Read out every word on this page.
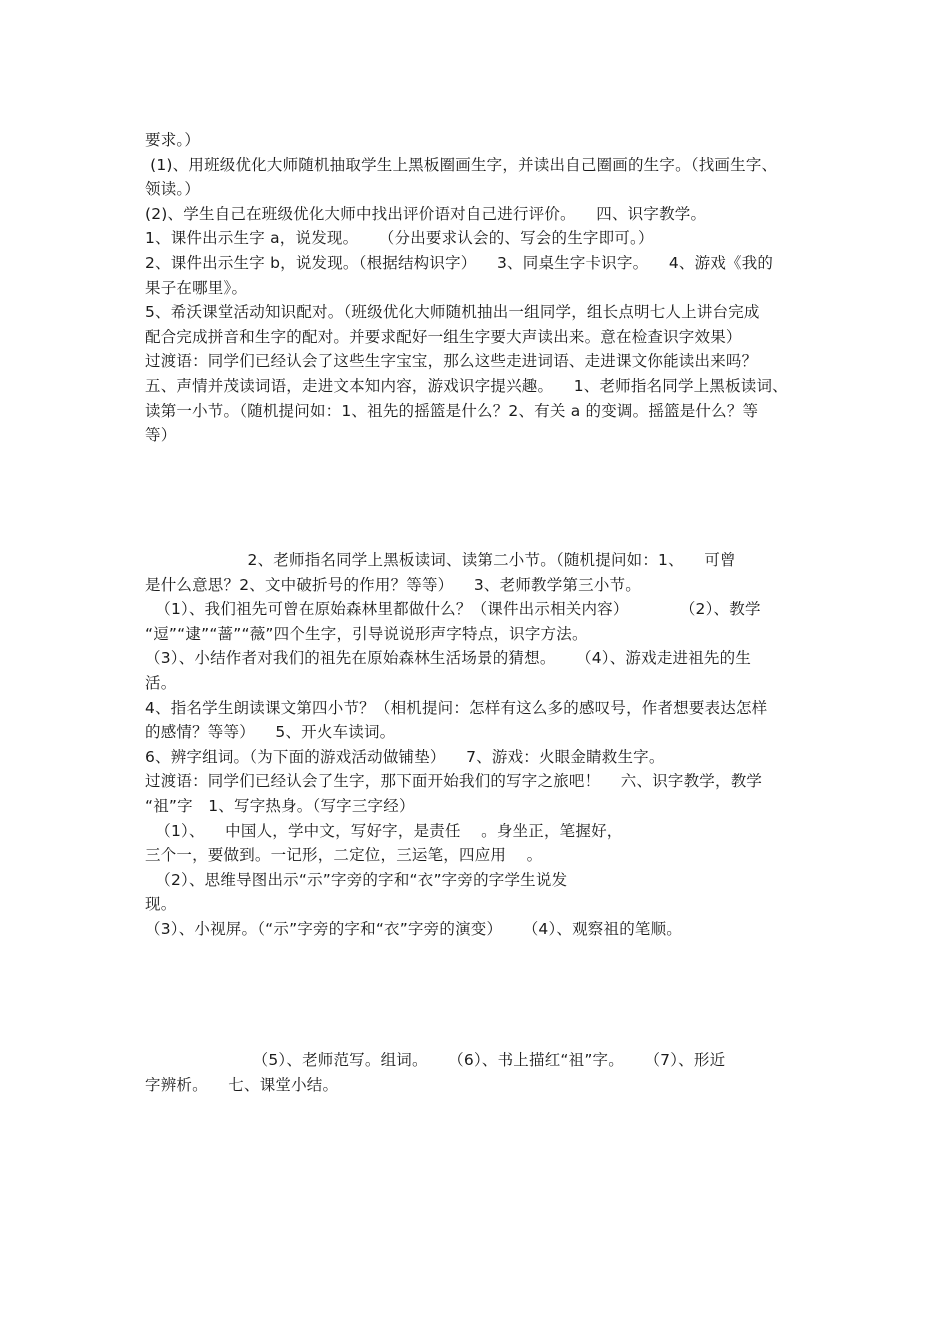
要求。）
(1)、用班级优化大师随机抽取学生上黑板圈画生字，并读出自己圈画的生字。（找画生字、
领读。）
(2)、学生自己在班级优化大师中找出评价语对自己进行评价。    四、识字教学。
1、课件出示生字 a，说发现。    （分出要求认会的、写会的生字即可。）
2、课件出示生字 b，说发现。（根据结构识字）    3、同桌生字卡识字。    4、游戏《我的
果子在哪里》。
5、希沃课堂活动知识配对。（班级优化大师随机抽出一组同学，组长点明七人上讲台完成
配合完成拼音和生字的配对。并要求配好一组生字要大声读出来。意在检查识字效果）
过渡语：同学们已经认会了这些生字宝宝，那么这些走进词语、走进课文你能读出来吗？
五、声情并茂读词语，走进文本知内容，游戏识字提兴趣。    1、老师指名同学上黑板读词、
读第一小节。（随机提问如：1、祖先的摇篮是什么？2、有关 a 的变调。摇篮是什么？等
等）
2、老师指名同学上黑板读词、读第二小节。（随机提问如：1、    可曾
是什么意思？2、文中破折号的作用？等等）    3、老师教学第三小节。
（1）、我们祖先可曾在原始森林里都做什么？（课件出示相关内容）          （2）、教学
“逗”“逮”“蔷”“薇”四个生字，引导说说形声字特点，识字方法。
（3）、小结作者对我们的祖先在原始森林生活场景的猜想。    （4）、游戏走进祖先的生
活。
4、指名学生朗读课文第四小节？（相机提问：怎样有这么多的感叹号，作者想要表达怎样
的感情？等等）    5、开火车读词。
6、辨字组词。（为下面的游戏活动做铺垫）    7、游戏：火眼金睛救生字。
过渡语：同学们已经认会了生字，那下面开始我们的写字之旅吧！    六、识字教学，教学
“祖”字   1、写字热身。（写字三字经）
（1）、    中国人，学中文，写好字，是责任    。身坐正，笔握好，
三个一，要做到。一记形，二定位，三运笔，四应用    。
（2）、思维导图出示“示”字旁的字和“衣”字旁的字学生说发
现。
（3）、小视屏。（“示”字旁的字和“衣”字旁的演变）    （4）、观察祖的笔顺。
（5）、老师范写。组词。    （6）、书上描红“祖”字。    （7）、形近
字辨析。    七、课堂小结。
